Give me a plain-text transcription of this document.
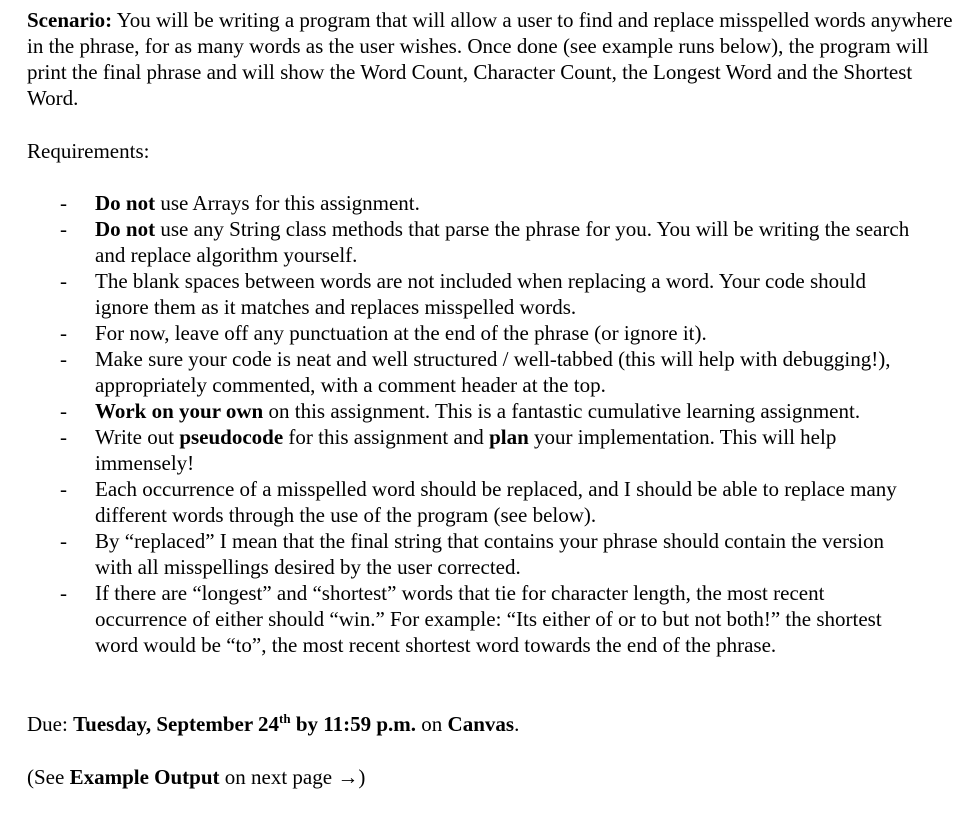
Scenario: You will be writing a program that will allow a user to find and replace misspelled words anywhere in the phrase, for as many words as the user wishes. Once done (see example runs below), the program will print the final phrase and will show the Word Count, Character Count, the Longest Word and the Shortest Word.

Requirements:

- Do not use Arrays for this assignment.
- Do not use any String class methods that parse the phrase for you. You will be writing the search and replace algorithm yourself.
- The blank spaces between words are not included when replacing a word. Your code should ignore them as it matches and replaces misspelled words.
- For now, leave off any punctuation at the end of the phrase (or ignore it).
- Make sure your code is neat and well structured / well-tabbed (this will help with debugging!), appropriately commented, with a comment header at the top.
- Work on your own on this assignment. This is a fantastic cumulative learning assignment.
- Write out pseudocode for this assignment and plan your implementation. This will help immensely!
- Each occurrence of a misspelled word should be replaced, and I should be able to replace many different words through the use of the program (see below).
- By “replaced” I mean that the final string that contains your phrase should contain the version with all misspellings desired by the user corrected.
- If there are “longest” and “shortest” words that tie for character length, the most recent occurrence of either should “win.” For example: “Its either of or to but not both!” the shortest word would be “to”, the most recent shortest word towards the end of the phrase.

Due: Tuesday, September 24th by 11:59 p.m. on Canvas.

(See Example Output on next page →)
